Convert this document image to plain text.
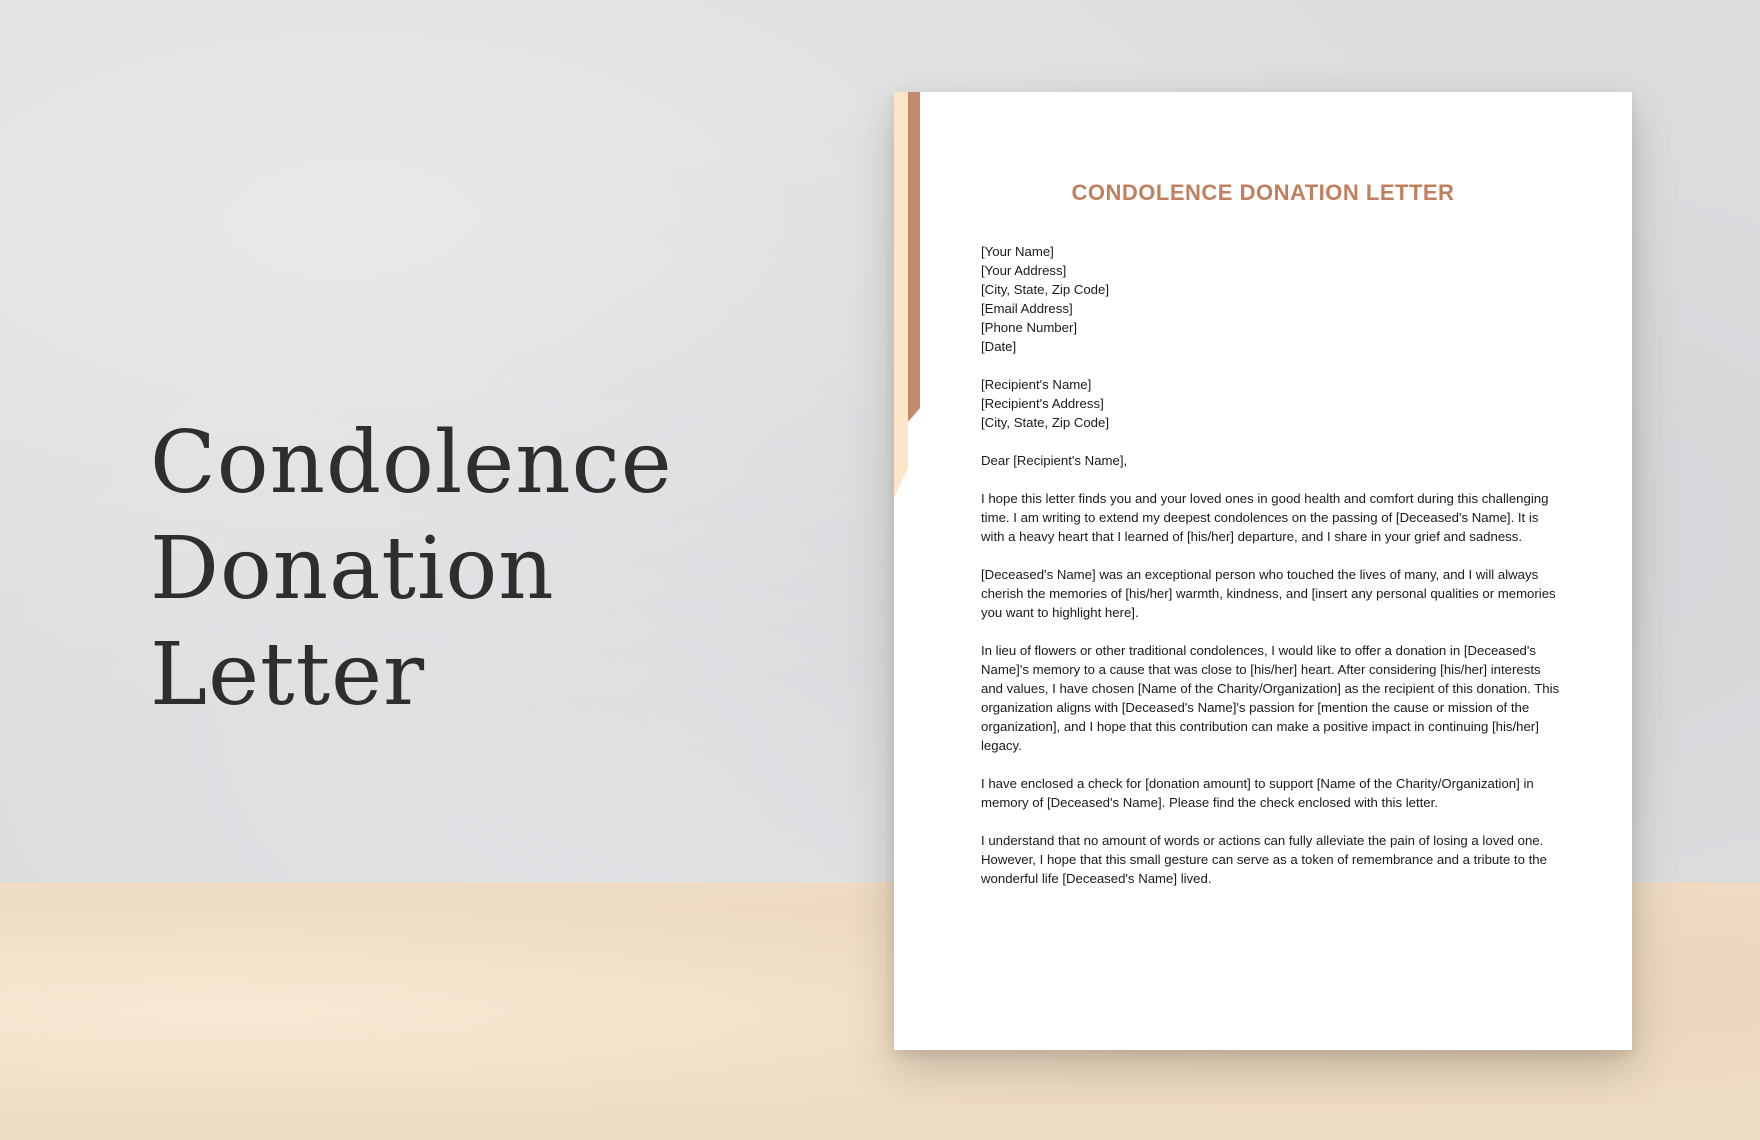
Condolence
Donation Letter
CONDOLENCE DONATION LETTER
[Your Name]
[Your Address]
[City, State, Zip Code]
[Email Address]
[Phone Number]
[Date]
[Recipient's Name]
[Recipient's Address]
[City, State, Zip Code]

Dear [Recipient's Name],

I hope this letter finds you and your loved ones in good health and comfort during this challenging time. I am writing to extend my deepest condolences on the passing of [Deceased's Name]. It is with a heavy heart that I learned of [his/her] departure, and I share in your grief and sadness.

[Deceased's Name] was an exceptional person who touched the lives of many, and I will always cherish the memories of [his/her] warmth, kindness, and [insert any personal qualities or memories you want to highlight here].

In lieu of flowers or other traditional condolences, I would like to offer a donation in [Deceased's Name]'s memory to a cause that was close to [his/her] heart. After considering [his/her] interests and values, I have chosen [Name of the Charity/Organization] as the recipient of this donation. This organization aligns with [Deceased's Name]'s passion for [mention the cause or mission of the organization], and I hope that this contribution can make a positive impact in continuing [his/her] legacy.

I have enclosed a check for [donation amount] to support [Name of the Charity/Organization] in memory of [Deceased's Name]. Please find the check enclosed with this letter.

I understand that no amount of words or actions can fully alleviate the pain of losing a loved one. However, I hope that this small gesture can serve as a token of remembrance and a tribute to the wonderful life [Deceased's Name] lived.
